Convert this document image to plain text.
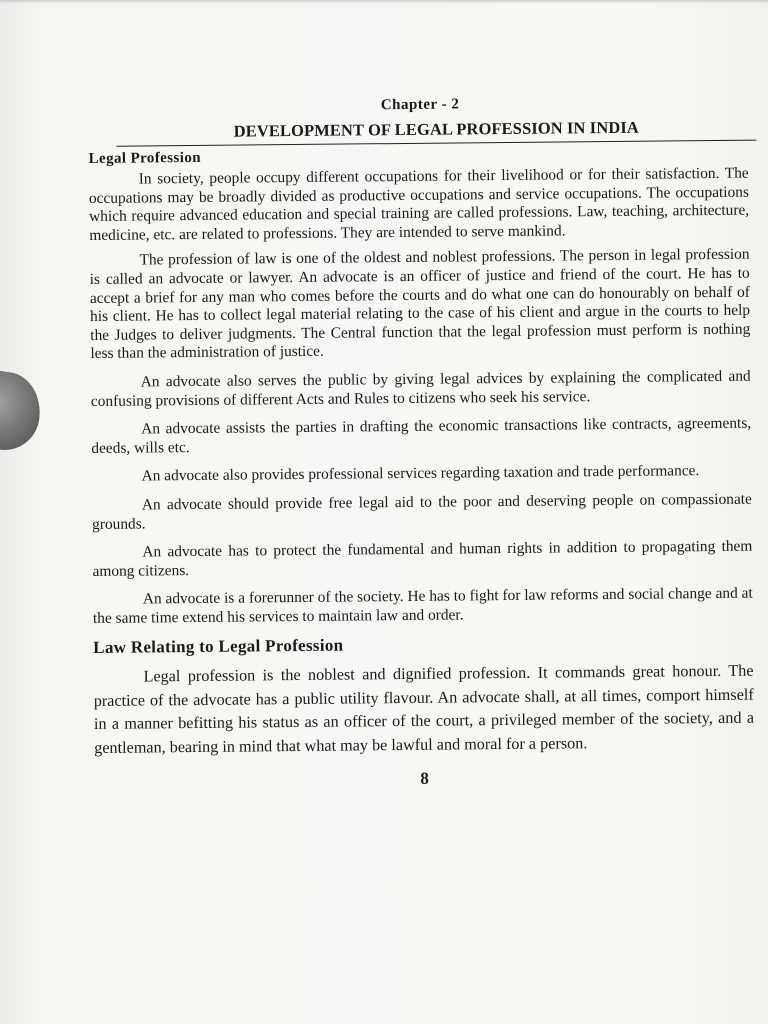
Chapter - 2
DEVELOPMENT OF LEGAL PROFESSION IN INDIA
Legal Profession

In society, people occupy different occupations for their livelihood or for their satisfaction. The occupations may be broadly divided as productive occupations and service occupations. The occupations which require advanced education and special training are called professions. Law, teaching, architecture, medicine, etc. are related to professions. They are intended to serve mankind.

The profession of law is one of the oldest and noblest professions. The person in legal profession is called an advocate or lawyer. An advocate is an officer of justice and friend of the court. He has to accept a brief for any man who comes before the courts and do what one can do honourably on behalf of his client. He has to collect legal material relating to the case of his client and argue in the courts to help the Judges to deliver judgments. The Central function that the legal profession must perform is nothing less than the administration of justice.

An advocate also serves the public by giving legal advices by explaining the complicated and confusing provisions of different Acts and Rules to citizens who seek his service.

An advocate assists the parties in drafting the economic transactions like contracts, agreements, deeds, wills etc.

An advocate also provides professional services regarding taxation and trade performance.

An advocate should provide free legal aid to the poor and deserving people on compassionate grounds.

An advocate has to protect the fundamental and human rights in addition to propagating them among citizens.

An advocate is a forerunner of the society. He has to fight for law reforms and social change and at the same time extend his services to maintain law and order.

Law Relating to Legal Profession

Legal profession is the noblest and dignified profession. It commands great honour. The practice of the advocate has a public utility flavour. An advocate shall, at all times, comport himself in a manner befitting his status as an officer of the court, a privileged member of the society, and a gentleman, bearing in mind that what may be lawful and moral for a person.

8
